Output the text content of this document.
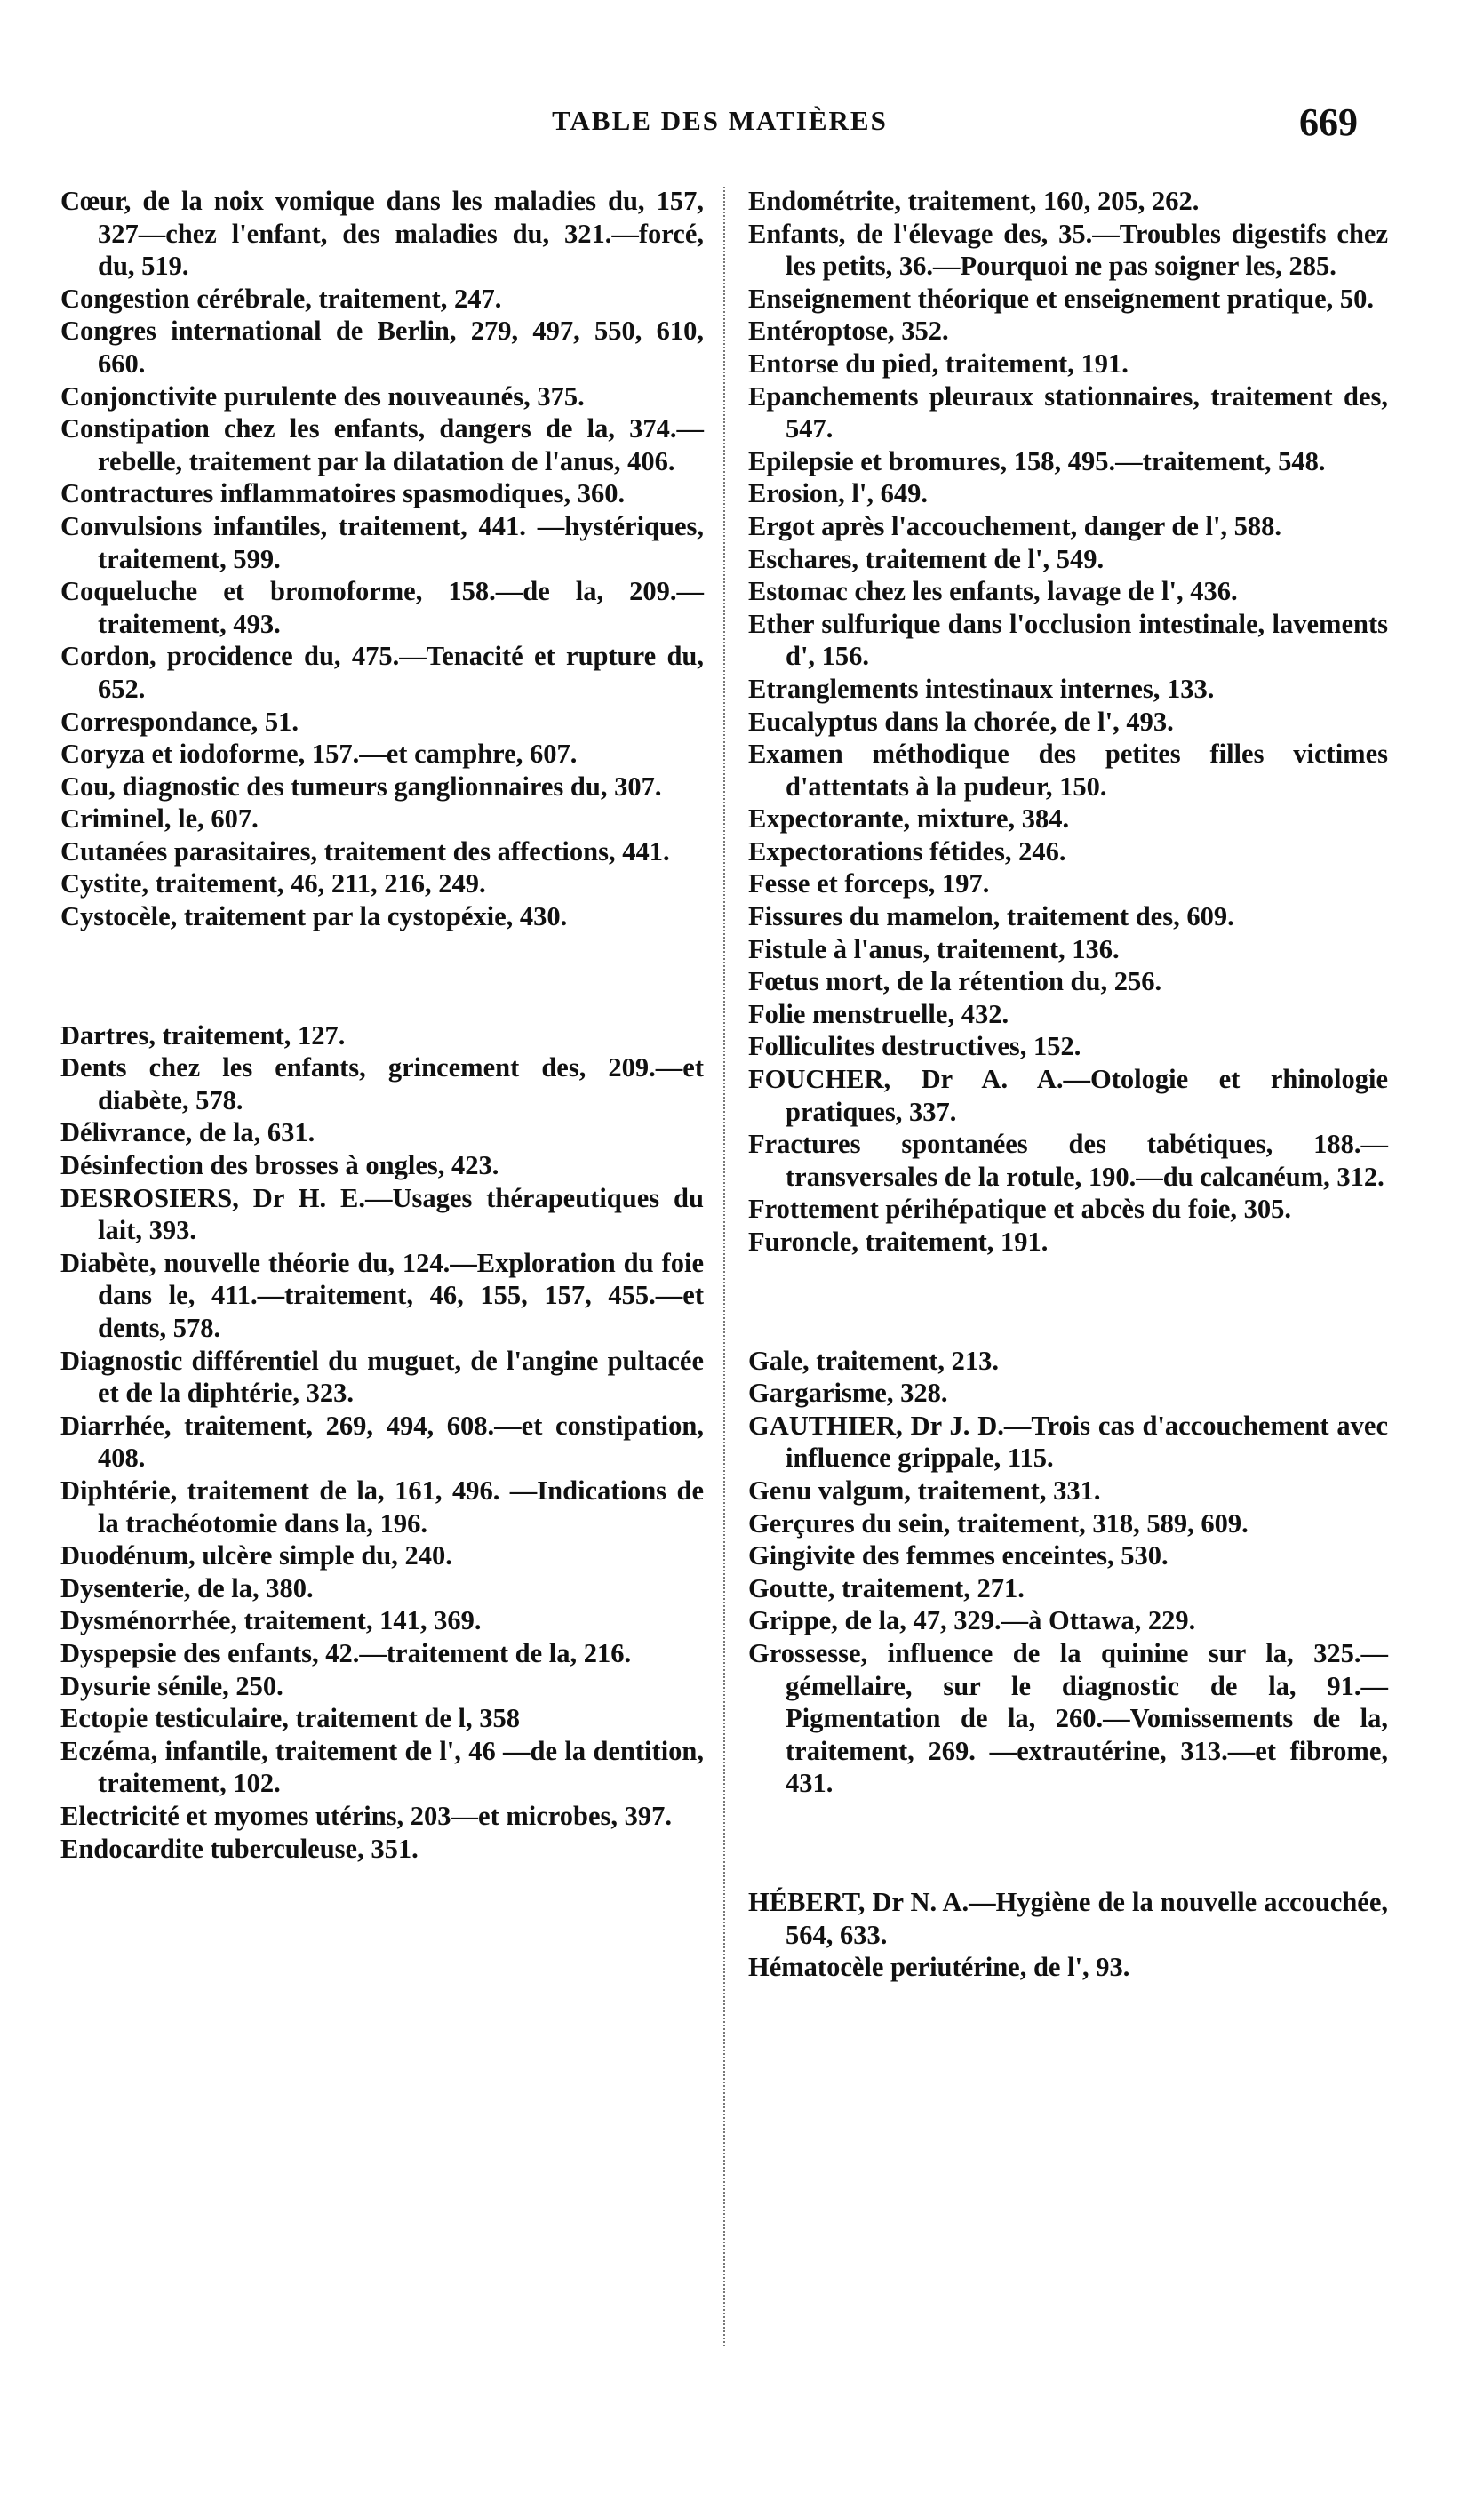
TABLE DES MATIÈRES	669

Cœur, de la noix vomique dans les maladies du, 157, 327—chez l'enfant, des maladies du, 321.—forcé, du, 519.

Congestion cérébrale, traitement, 247.

Congres international de Berlin, 279, 497, 550, 610, 660.

Conjonctivite purulente des nouveaunés, 375.

Constipation chez les enfants, dangers de la, 374.—rebelle, traitement par la dilatation de l'anus, 406.

Contractures inflammatoires spasmodiques, 360.

Convulsions infantiles, traitement, 441. —hystériques, traitement, 599.

Coqueluche et bromoforme, 158.—de la, 209.—traitement, 493.

Cordon, procidence du, 475.—Tenacité et rupture du, 652.

Correspondance, 51.

Coryza et iodoforme, 157.—et camphre, 607.

Cou, diagnostic des tumeurs ganglionnaires du, 307.

Criminel, le, 607.

Cutanées parasitaires, traitement des affections, 441.

Cystite, traitement, 46, 211, 216, 249.

Cystocèle, traitement par la cystopéxie, 430.

Dartres, traitement, 127.

Dents chez les enfants, grincement des, 209.—et diabète, 578.

Délivrance, de la, 631.

Désinfection des brosses à ongles, 423.

DESROSIERS, Dr H. E.—Usages thérapeutiques du lait, 393.

Diabète, nouvelle théorie du, 124.—Exploration du foie dans le, 411.—traitement, 46, 155, 157, 455.—et dents, 578.

Diagnostic différentiel du muguet, de l'angine pultacée et de la diphtérie, 323.

Diarrhée, traitement, 269, 494, 608.—et constipation, 408.

Diphtérie, traitement de la, 161, 496. —Indications de la trachéotomie dans la, 196.

Duodénum, ulcère simple du, 240.

Dysenterie, de la, 380.

Dysménorrhée, traitement, 141, 369.

Dyspepsie des enfants, 42.—traitement de la, 216.

Dysurie sénile, 250.

Ectopie testiculaire, traitement de l, 358

Eczéma, infantile, traitement de l', 46 —de la dentition, traitement, 102.

Electricité et myomes utérins, 203—et microbes, 397.

Endocardite tuberculeuse, 351.

Endométrite, traitement, 160, 205, 262.

Enfants, de l'élevage des, 35.—Troubles digestifs chez les petits, 36.—Pourquoi ne pas soigner les, 285.

Enseignement théorique et enseignement pratique, 50.

Entéroptose, 352.

Entorse du pied, traitement, 191.

Epanchements pleuraux stationnaires, traitement des, 547.

Epilepsie et bromures, 158, 495.—traitement, 548.

Erosion, l', 649.

Ergot après l'accouchement, danger de l', 588.

Eschares, traitement de l', 549.

Estomac chez les enfants, lavage de l', 436.

Ether sulfurique dans l'occlusion intestinale, lavements d', 156.

Etranglements intestinaux internes, 133.

Eucalyptus dans la chorée, de l', 493.

Examen méthodique des petites filles victimes d'attentats à la pudeur, 150.

Expectorante, mixture, 384.

Expectorations fétides, 246.

Fesse et forceps, 197.

Fissures du mamelon, traitement des, 609.

Fistule à l'anus, traitement, 136.

Fœtus mort, de la rétention du, 256.

Folie menstruelle, 432.

Folliculites destructives, 152.

FOUCHER, Dr A. A.—Otologie et rhinologie pratiques, 337.

Fractures spontanées des tabétiques, 188.—transversales de la rotule, 190.—du calcanéum, 312.

Frottement périhépatique et abcès du foie, 305.

Furoncle, traitement, 191.

Gale, traitement, 213.

Gargarisme, 328.

GAUTHIER, Dr J. D.—Trois cas d'accouchement avec influence grippale, 115.

Genu valgum, traitement, 331.

Gerçures du sein, traitement, 318, 589, 609.

Gingivite des femmes enceintes, 530.

Goutte, traitement, 271.

Grippe, de la, 47, 329.—à Ottawa, 229.

Grossesse, influence de la quinine sur la, 325.—gémellaire, sur le diagnostic de la, 91.—Pigmentation de la, 260.—Vomissements de la, traitement, 269. —extrautérine, 313.—et fibrome, 431.

HÉBERT, Dr N. A.—Hygiène de la nouvelle accouchée, 564, 633.

Hématocèle periutérine, de l', 93.
